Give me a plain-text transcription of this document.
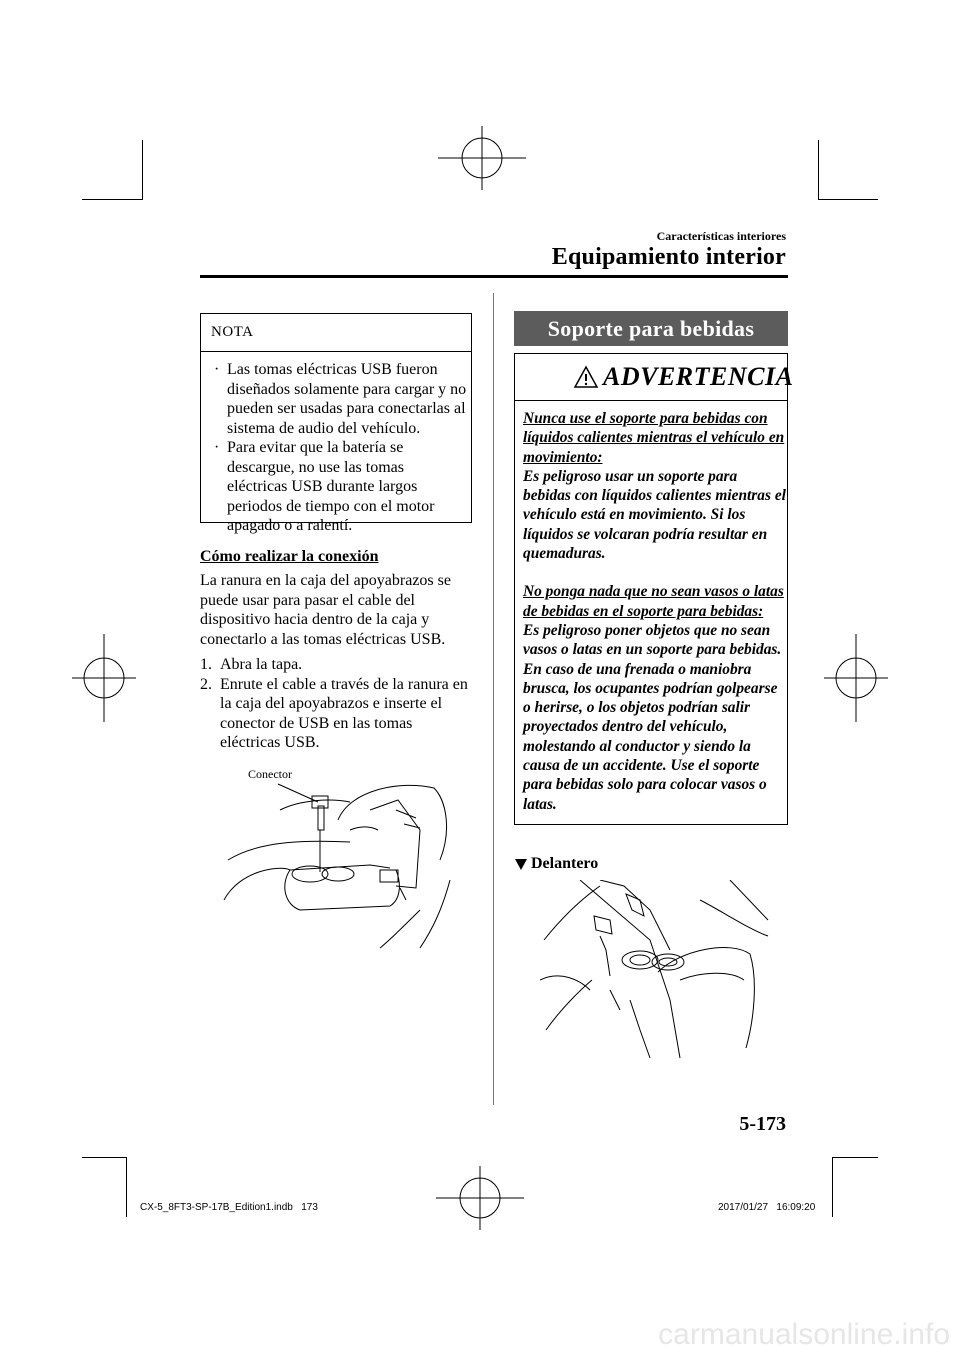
Características interiores
Equipamiento interior
NOTA
· Las tomas eléctricas USB fueron diseñados solamente para cargar y no pueden ser usadas para conectarlas al sistema de audio del vehículo.
· Para evitar que la batería se descargue, no use las tomas eléctricas USB durante largos periodos de tiempo con el motor apagado o a ralentí.
Cómo realizar la conexión
La ranura en la caja del apoyabrazos se puede usar para pasar el cable del dispositivo hacia dentro de la caja y conectarlo a las tomas eléctricas USB.
1. Abra la tapa.
2. Enrute el cable a través de la ranura en la caja del apoyabrazos e inserte el conector de USB en las tomas eléctricas USB.
Conector
Soporte para bebidas
ADVERTENCIA

Nunca use el soporte para bebidas con líquidos calientes mientras el vehículo en movimiento:

Es peligroso usar un soporte para bebidas con líquidos calientes mientras el vehículo está en movimiento. Si los líquidos se volcaran podría resultar en quemaduras.

No ponga nada que no sean vasos o latas de bebidas en el soporte para bebidas:

Es peligroso poner objetos que no sean vasos o latas en un soporte para bebidas.

En caso de una frenada o maniobra brusca, los ocupantes podrían golpearse o herirse, o los objetos podrían salir proyectados dentro del vehículo, molestando al conductor y siendo la causa de un accidente. Use el soporte para bebidas solo para colocar vasos o latas.

Delantero
5-173
CX-5_8FT3-SP-17B_Edition1.indb   173	2017/01/27   16:09:20
carmanualsonline.info
